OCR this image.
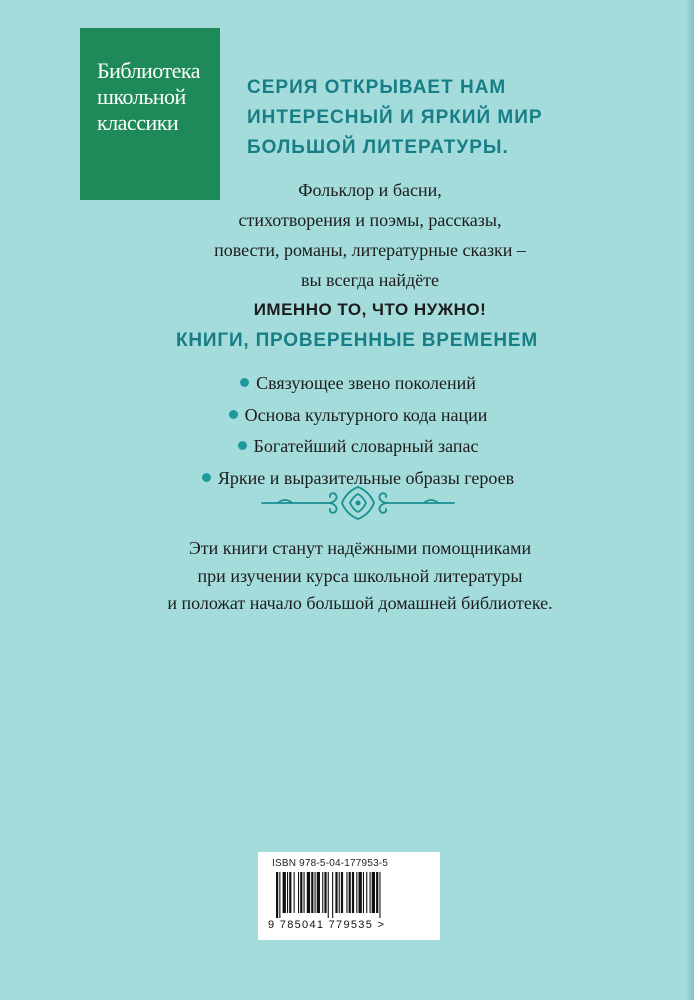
Библиотека
школьной
классики
СЕРИЯ ОТКРЫВАЕТ НАМ
ИНТЕРЕСНЫЙ И ЯРКИЙ МИР
БОЛЬШОЙ ЛИТЕРАТУРЫ.
Фольклор и басни,
стихотворения и поэмы, рассказы,
повести, романы, литературные сказки –
вы всегда найдёте
ИМЕННО ТО, ЧТО НУЖНО!
КНИГИ, ПРОВЕРЕННЫЕ ВРЕМЕНЕМ
Связующее звено поколений
Основа культурного кода нации
Богатейший словарный запас
Яркие и выразительные образы героев
Эти книги станут надёжными помощниками
при изучении курса школьной литературы
и положат начало большой домашней библиотеке.
ISBN 978-5-04-177953-5
9 785041 779535 >
